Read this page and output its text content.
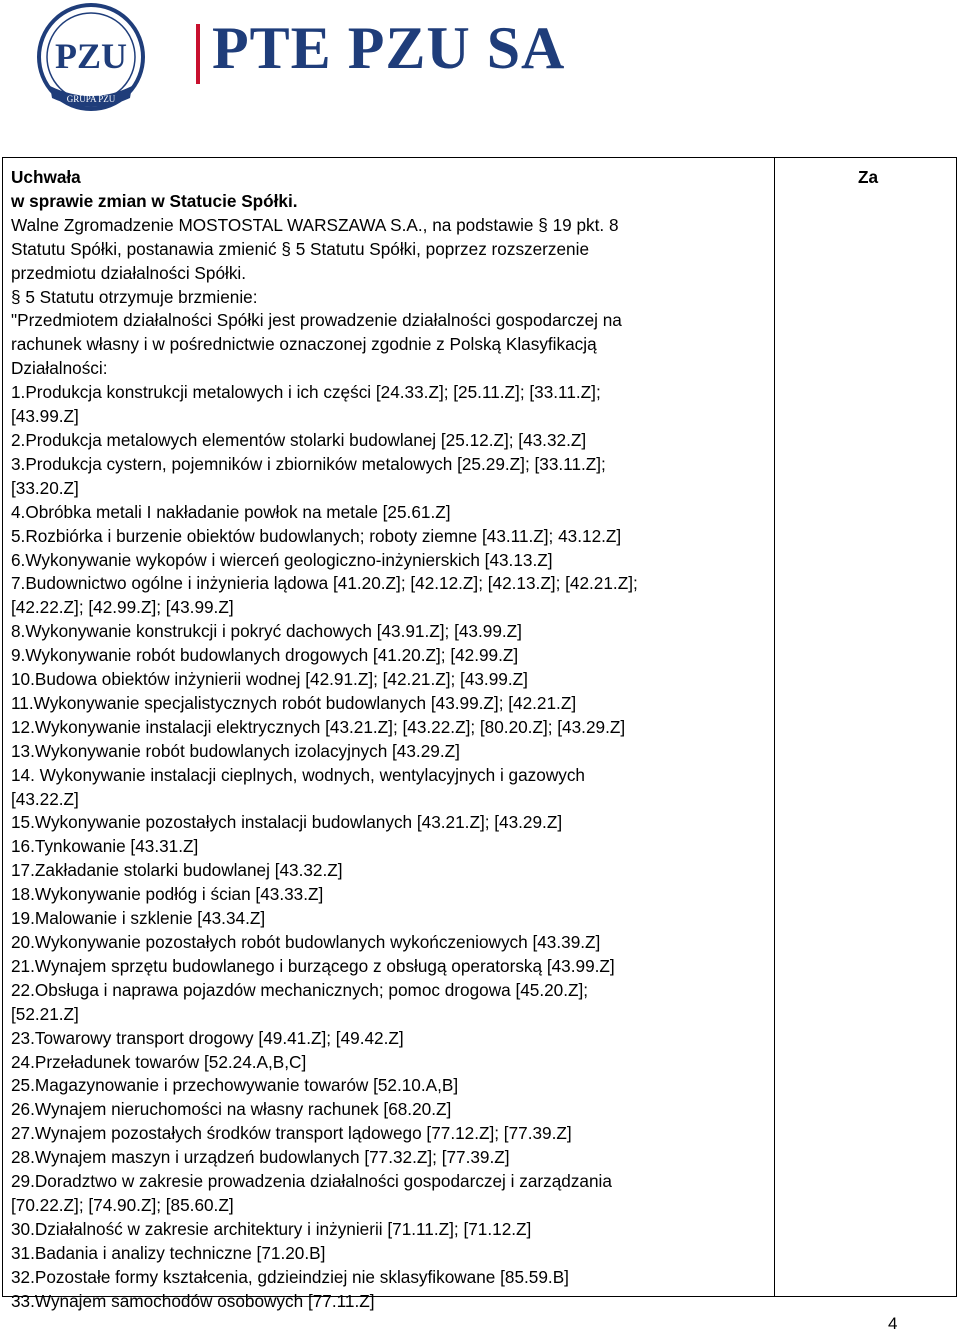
PZU
GRUPA PZU
PTE PZU SA
Uchwała
w sprawie zmian w Statucie Spółki.
Walne Zgromadzenie MOSTOSTAL WARSZAWA S.A., na podstawie § 19 pkt. 8
Statutu Spółki, postanawia zmienić § 5 Statutu Spółki, poprzez rozszerzenie
przedmiotu działalności Spółki.
§ 5 Statutu otrzymuje brzmienie:
"Przedmiotem działalności Spółki jest prowadzenie działalności gospodarczej na
rachunek własny i w pośrednictwie oznaczonej zgodnie z Polską Klasyfikacją
Działalności:
1.Produkcja konstrukcji metalowych i ich części [24.33.Z]; [25.11.Z]; [33.11.Z];
[43.99.Z]
2.Produkcja metalowych elementów stolarki budowlanej [25.12.Z]; [43.32.Z]
3.Produkcja cystern, pojemników i zbiorników metalowych [25.29.Z]; [33.11.Z];
[33.20.Z]
4.Obróbka metali I nakładanie powłok na metale [25.61.Z]
5.Rozbiórka i burzenie obiektów budowlanych; roboty ziemne [43.11.Z]; 43.12.Z]
6.Wykonywanie wykopów i wierceń geologiczno-inżynierskich [43.13.Z]
7.Budownictwo ogólne i inżynieria lądowa [41.20.Z]; [42.12.Z]; [42.13.Z]; [42.21.Z];
[42.22.Z]; [42.99.Z]; [43.99.Z]
8.Wykonywanie konstrukcji i pokryć dachowych [43.91.Z]; [43.99.Z]
9.Wykonywanie robót budowlanych drogowych [41.20.Z]; [42.99.Z]
10.Budowa obiektów inżynierii wodnej [42.91.Z]; [42.21.Z]; [43.99.Z]
11.Wykonywanie specjalistycznych robót budowlanych [43.99.Z]; [42.21.Z]
12.Wykonywanie instalacji elektrycznych [43.21.Z]; [43.22.Z]; [80.20.Z]; [43.29.Z]
13.Wykonywanie robót budowlanych izolacyjnych [43.29.Z]
14. Wykonywanie instalacji cieplnych, wodnych, wentylacyjnych i gazowych
[43.22.Z]
15.Wykonywanie pozostałych instalacji budowlanych [43.21.Z]; [43.29.Z]
16.Tynkowanie [43.31.Z]
17.Zakładanie stolarki budowlanej [43.32.Z]
18.Wykonywanie podłóg i ścian [43.33.Z]
19.Malowanie i szklenie [43.34.Z]
20.Wykonywanie pozostałych robót budowlanych wykończeniowych [43.39.Z]
21.Wynajem sprzętu budowlanego i burzącego z obsługą operatorską [43.99.Z]
22.Obsługa i naprawa pojazdów mechanicznych; pomoc drogowa [45.20.Z];
[52.21.Z]
23.Towarowy transport drogowy [49.41.Z]; [49.42.Z]
24.Przeładunek towarów [52.24.A,B,C]
25.Magazynowanie i przechowywanie towarów [52.10.A,B]
26.Wynajem nieruchomości na własny rachunek [68.20.Z]
27.Wynajem pozostałych środków transport lądowego [77.12.Z]; [77.39.Z]
28.Wynajem maszyn i urządzeń budowlanych [77.32.Z]; [77.39.Z]
29.Doradztwo w zakresie prowadzenia działalności gospodarczej i zarządzania
[70.22.Z]; [74.90.Z]; [85.60.Z]
30.Działalność w zakresie architektury i inżynierii [71.11.Z]; [71.12.Z]
31.Badania i analizy techniczne [71.20.B]
32.Pozostałe formy kształcenia, gdzieindziej nie sklasyfikowane [85.59.B]
33.Wynajem samochodów osobowych [77.11.Z]
Za
4
